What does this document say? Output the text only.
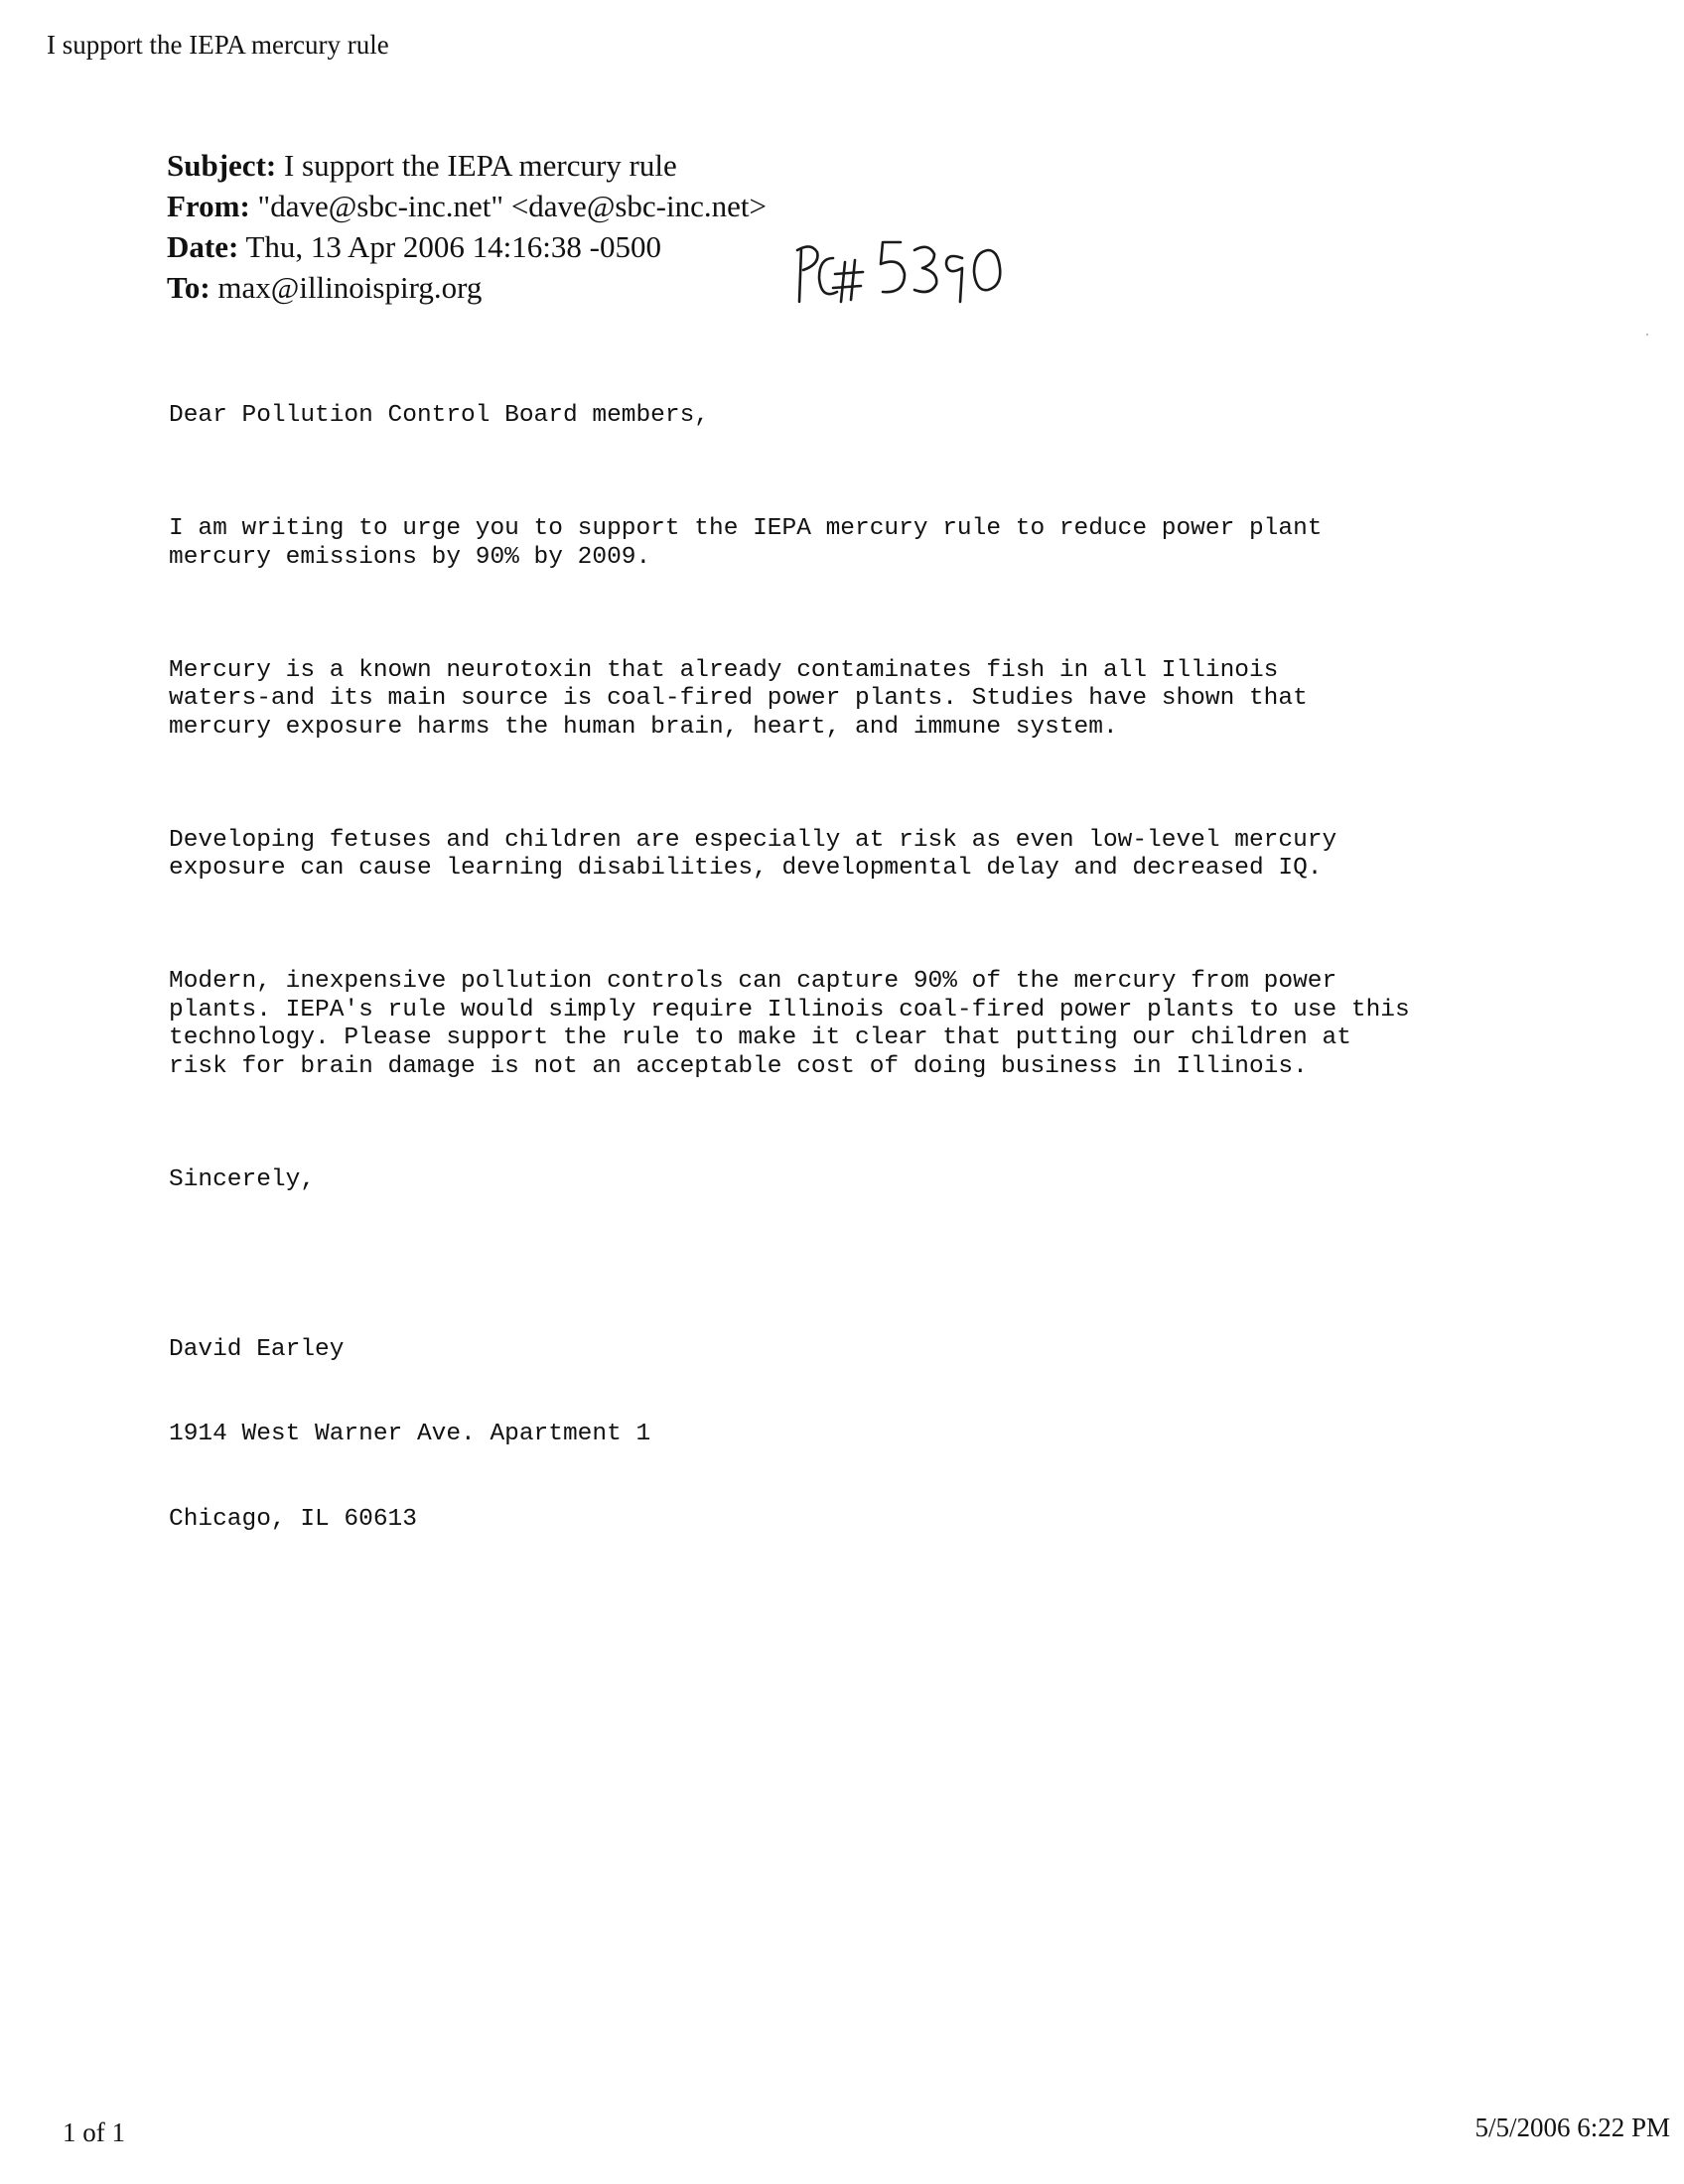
I support the IEPA mercury rule
Subject: I support the IEPA mercury rule
From: "dave@sbc-inc.net" <dave@sbc-inc.net>
Date: Thu, 13 Apr 2006 14:16:38 -0500
To: max@illinoispirg.org

Dear Pollution Control Board members,

I am writing to urge you to support the IEPA mercury rule to reduce power plant
mercury emissions by 90% by 2009.

Mercury is a known neurotoxin that already contaminates fish in all Illinois
waters-and its main source is coal-fired power plants. Studies have shown that
mercury exposure harms the human brain, heart, and immune system.

Developing fetuses and children are especially at risk as even low-level mercury
exposure can cause learning disabilities, developmental delay and decreased IQ.

Modern, inexpensive pollution controls can capture 90% of the mercury from power
plants. IEPA's rule would simply require Illinois coal-fired power plants to use this
technology. Please support the rule to make it clear that putting our children at
risk for brain damage is not an acceptable cost of doing business in Illinois.

Sincerely,

David Earley

1914 West Warner Ave. Apartment 1

Chicago, IL 60613

1 of 1	5/5/2006 6:22 PM
